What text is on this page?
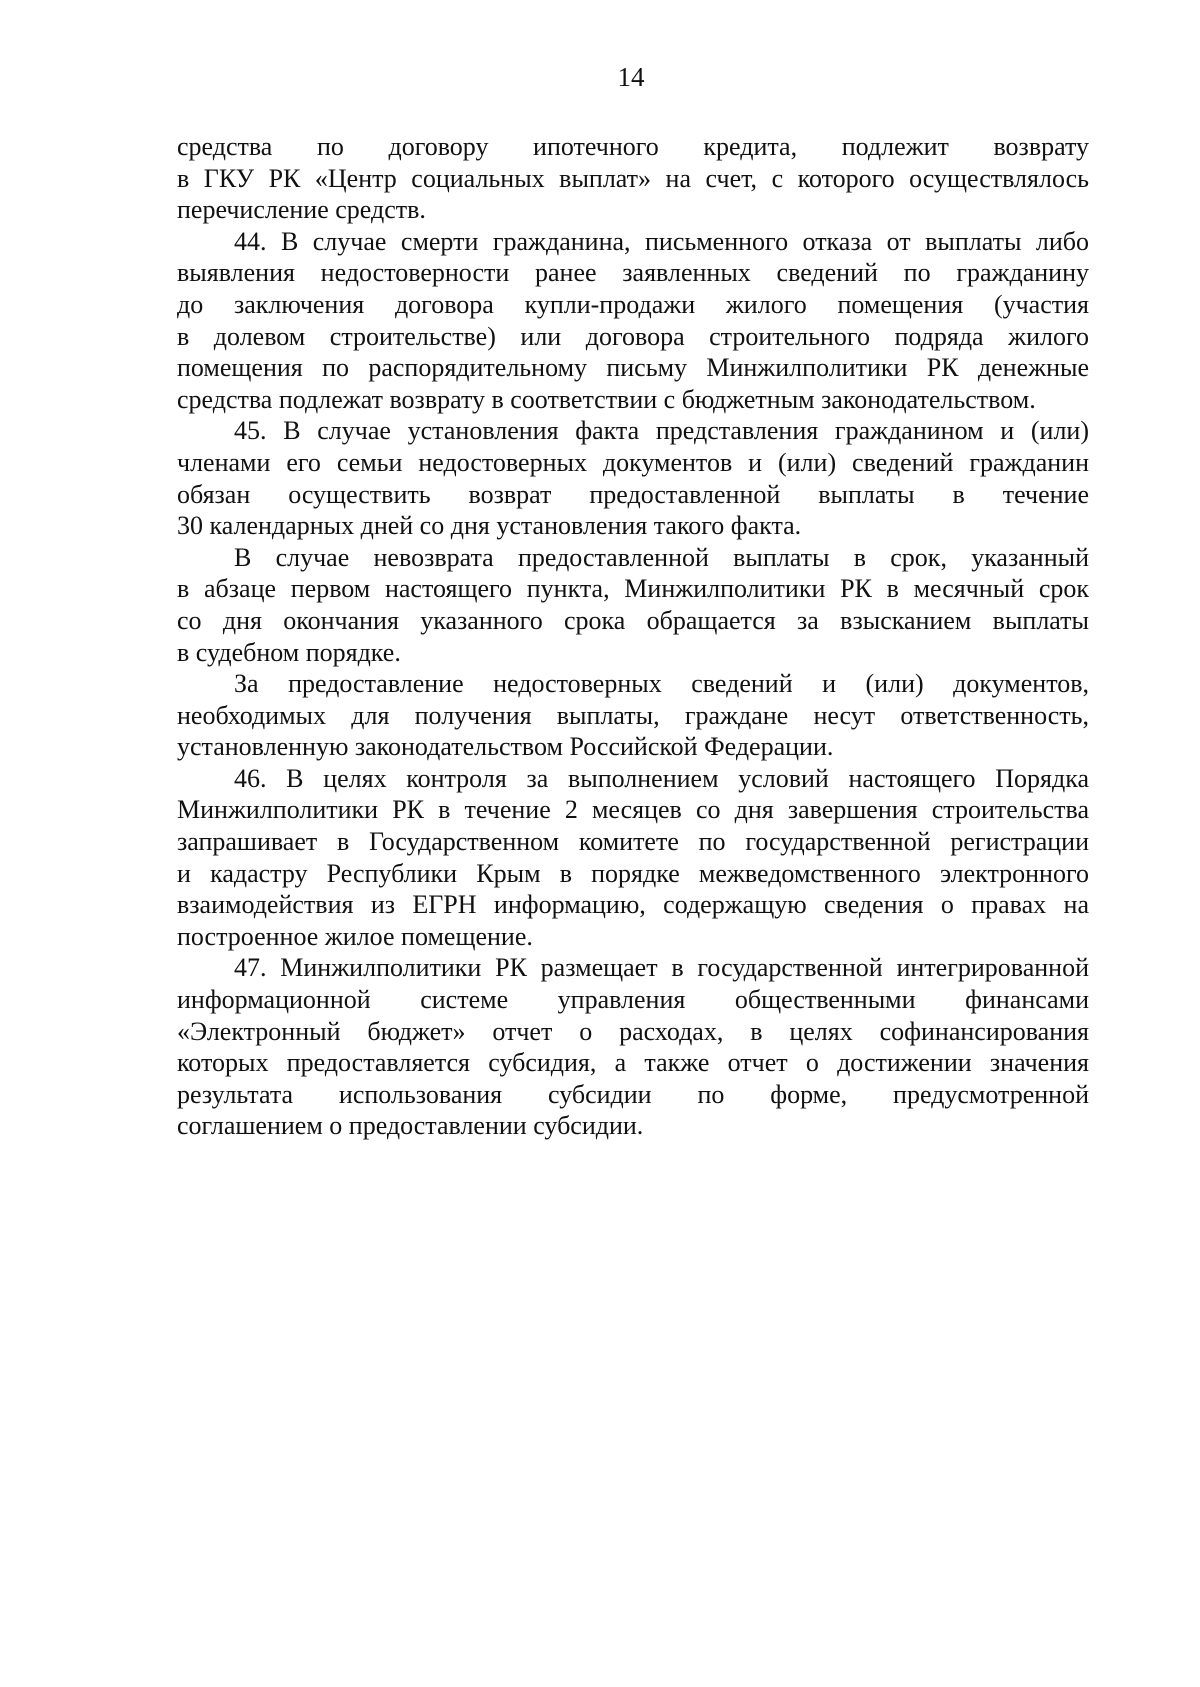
14
средства по договору ипотечного кредита, подлежит возврату
в ГКУ РК «Центр социальных выплат» на счет, с которого осуществлялось
перечисление средств.
44. В случае смерти гражданина, письменного отказа от выплаты либо
выявления недостоверности ранее заявленных сведений по гражданину
до заключения договора купли-продажи жилого помещения (участия
в долевом строительстве) или договора строительного подряда жилого
помещения по распорядительному письму Минжилполитики РК денежные
средства подлежат возврату в соответствии с бюджетным законодательством.
45. В случае установления факта представления гражданином и (или)
членами его семьи недостоверных документов и (или) сведений гражданин
обязан осуществить возврат предоставленной выплаты в течение
30 календарных дней со дня установления такого факта.
В случае невозврата предоставленной выплаты в срок, указанный
в абзаце первом настоящего пункта, Минжилполитики РК в месячный срок
со дня окончания указанного срока обращается за взысканием выплаты
в судебном порядке.
За предоставление недостоверных сведений и (или) документов,
необходимых для получения выплаты, граждане несут ответственность,
установленную законодательством Российской Федерации.
46. В целях контроля за выполнением условий настоящего Порядка
Минжилполитики РК в течение 2 месяцев со дня завершения строительства
запрашивает в Государственном комитете по государственной регистрации
и кадастру Республики Крым в порядке межведомственного электронного
взаимодействия из ЕГРН информацию, содержащую сведения о правах на
построенное жилое помещение.
47. Минжилполитики РК размещает в государственной интегрированной
информационной системе управления общественными финансами
«Электронный бюджет» отчет о расходах, в целях софинансирования
которых предоставляется субсидия, а также отчет о достижении значения
результата использования субсидии по форме, предусмотренной
соглашением о предоставлении субсидии.
